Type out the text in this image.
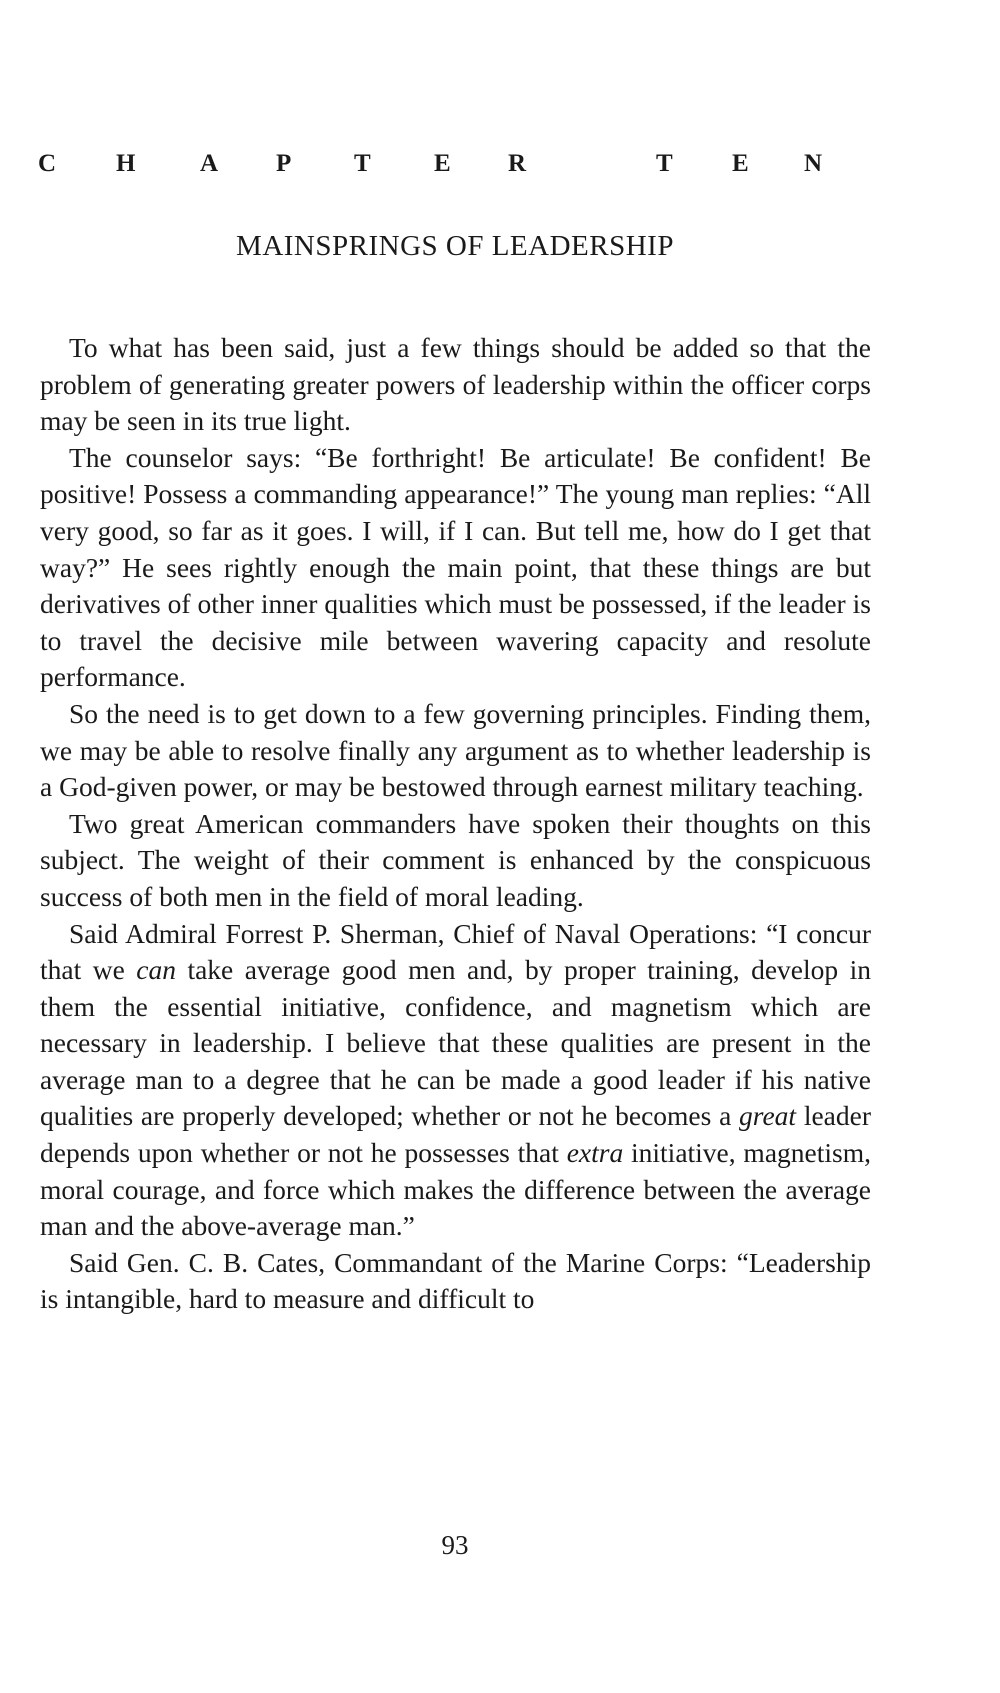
C H	A P	T	E R	T E N
MAINSPRINGS OF LEADERSHIP

To what has been said, just a few things should be added so that the problem of generating greater powers of leadership within the officer corps may be seen in its true light.

The counselor says: “Be forthright! Be articulate! Be confident! Be positive! Possess a commanding appearance!” The young man replies: “All very good, so far as it goes. I will, if I can. But tell me, how do I get that way?” He sees rightly enough the main point, that these things are but derivatives of other inner qualities which must be possessed, if the leader is to travel the decisive mile between wavering capacity and resolute performance.

So the need is to get down to a few governing principles. Finding them, we may be able to resolve finally any argument as to whether leadership is a God-given power, or may be bestowed through earnest military teaching.

Two great American commanders have spoken their thoughts on this subject. The weight of their comment is enhanced by the conspicuous success of both men in the field of moral leading.

Said Admiral Forrest P. Sherman, Chief of Naval Operations: “I concur that we can take average good men and, by proper training, develop in them the essential initiative, confidence, and magnetism which are necessary in leadership. I believe that these qualities are present in the average man to a degree that he can be made a good leader if his native qualities are properly developed; whether or not he becomes a great leader depends upon whether or not he possesses that extra initiative, magnetism, moral courage, and force which makes the difference between the average man and the above-average man.”

Said Gen. C. B. Cates, Commandant of the Marine Corps: “Leadership is intangible, hard to measure and difficult to

93
